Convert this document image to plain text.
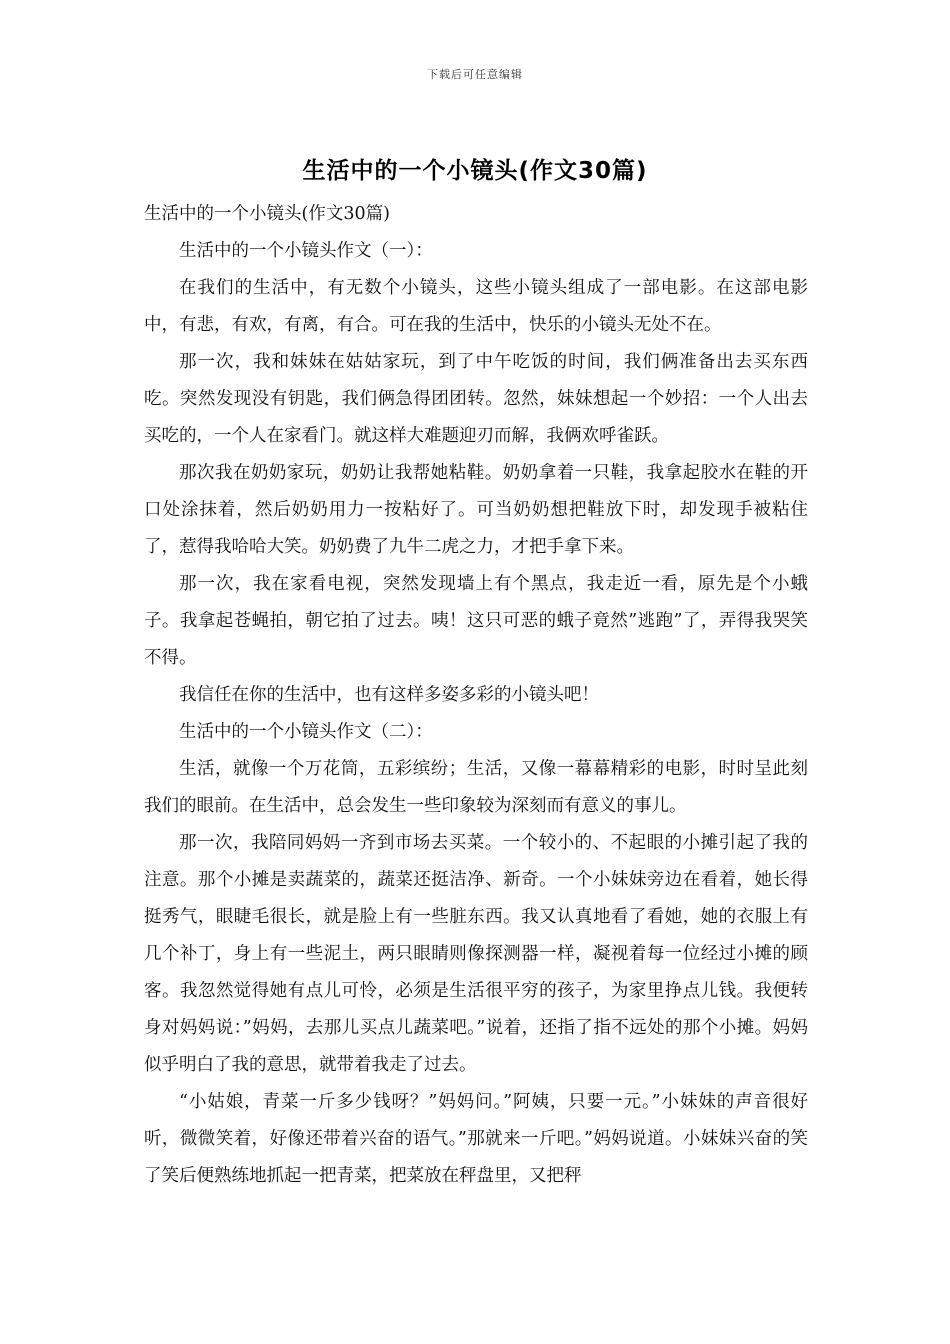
下载后可任意编辑
生活中的一个小镜头(作文30篇)

生活中的一个小镜头(作文30篇)

生活中的一个小镜头作文（一）：

在我们的生活中，有无数个小镜头，这些小镜头组成了一部电影。在这部电影中，有悲，有欢，有离，有合。可在我的生活中，快乐的小镜头无处不在。

那一次，我和妹妹在姑姑家玩，到了中午吃饭的时间，我们俩准备出去买东西吃。突然发现没有钥匙，我们俩急得团团转。忽然，妹妹想起一个妙招：一个人出去买吃的，一个人在家看门。就这样大难题迎刃而解，我俩欢呼雀跃。

那次我在奶奶家玩，奶奶让我帮她粘鞋。奶奶拿着一只鞋，我拿起胶水在鞋的开口处涂抹着，然后奶奶用力一按粘好了。可当奶奶想把鞋放下时，却发现手被粘住了，惹得我哈哈大笑。奶奶费了九牛二虎之力，才把手拿下来。

那一次，我在家看电视，突然发现墙上有个黑点，我走近一看，原先是个小蛾子。我拿起苍蝇拍，朝它拍了过去。咦！这只可恶的蛾子竟然”逃跑”了，弄得我哭笑不得。

我信任在你的生活中，也有这样多姿多彩的小镜头吧！

生活中的一个小镜头作文（二）：

生活，就像一个万花筒，五彩缤纷；生活，又像一幕幕精彩的电影，时时呈此刻我们的眼前。在生活中，总会发生一些印象较为深刻而有意义的事儿。

那一次，我陪同妈妈一齐到市场去买菜。一个较小的、不起眼的小摊引起了我的注意。那个小摊是卖蔬菜的，蔬菜还挺洁净、新奇。一个小妹妹旁边在看着，她长得挺秀气，眼睫毛很长，就是脸上有一些脏东西。我又认真地看了看她，她的衣服上有几个补丁，身上有一些泥土，两只眼睛则像探测器一样，凝视着每一位经过小摊的顾客。我忽然觉得她有点儿可怜，必须是生活很平穷的孩子，为家里挣点儿钱。我便转身对妈妈说：”妈妈，去那儿买点儿蔬菜吧。”说着，还指了指不远处的那个小摊。妈妈似乎明白了我的意思，就带着我走了过去。

“小姑娘，青菜一斤多少钱呀？”妈妈问。”阿姨，只要一元。”小妹妹的声音很好听，微微笑着，好像还带着兴奋的语气。”那就来一斤吧。”妈妈说道。小妹妹兴奋的笑了笑后便熟练地抓起一把青菜，把菜放在秤盘里，又把秤
